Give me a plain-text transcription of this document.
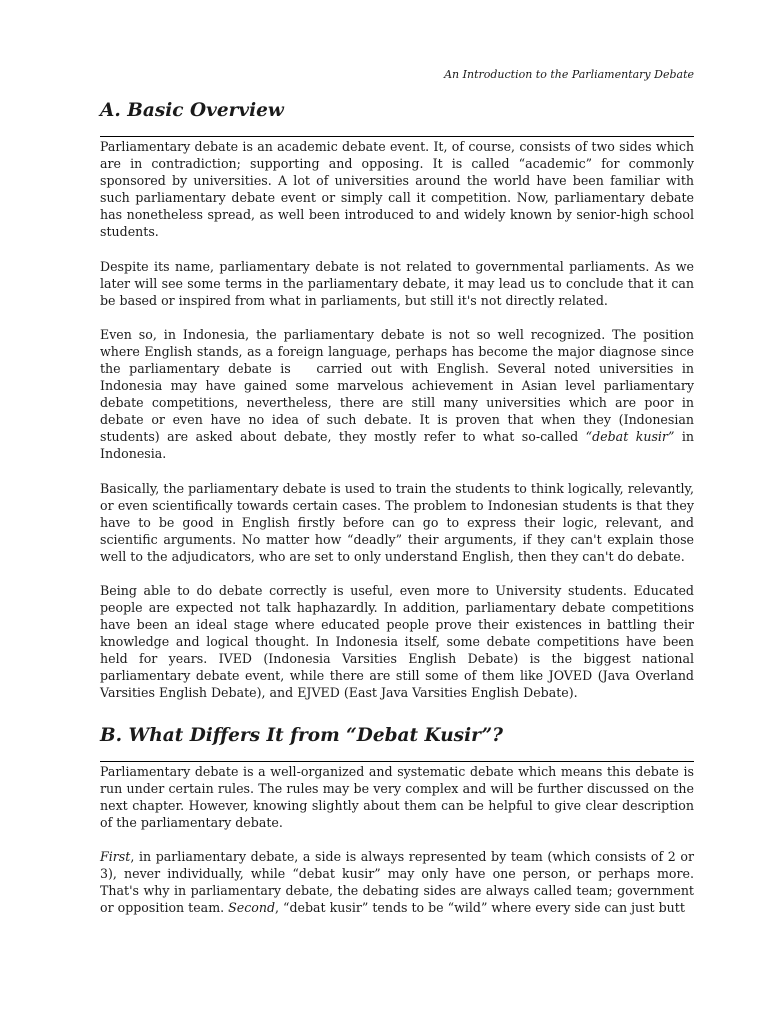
An Introduction to the Parliamentary Debate
A. Basic Overview

Parliamentary debate is an academic debate event. It, of course, consists of two sides which are in contradiction; supporting and opposing. It is called “academic” for commonly sponsored by universities. A lot of universities around the world have been familiar with such parliamentary debate event or simply call it competition. Now, parliamentary debate has nonetheless spread, as well been introduced to and widely known by senior-high school students.

Despite its name, parliamentary debate is not related to governmental parliaments. As we later will see some terms in the parliamentary debate, it may lead us to conclude that it can be based or inspired from what in parliaments, but still it's not directly related.

Even so, in Indonesia, the parliamentary debate is not so well recognized. The position where English stands, as a foreign language, perhaps has become the major diagnose since the parliamentary debate is   carried out with English. Several noted universities in Indonesia may have gained some marvelous achievement in Asian level parliamentary debate competitions, nevertheless, there are still many universities which are poor in debate or even have no idea of such debate. It is proven that when they (Indonesian students) are asked about debate, they mostly refer to what so-called “debat kusir” in Indonesia.

Basically, the parliamentary debate is used to train the students to think logically, relevantly, or even scientifically towards certain cases. The problem to Indonesian students is that they have to be good in English firstly before can go to express their logic, relevant, and scientific arguments. No matter how “deadly” their arguments, if they can't explain those well to the adjudicators, who are set to only understand English, then they can't do debate.

Being able to do debate correctly is useful, even more to University students. Educated people are expected not talk haphazardly. In addition, parliamentary debate competitions have been an ideal stage where educated people prove their existences in battling their knowledge and logical thought. In Indonesia itself, some debate competitions have been held for years. IVED (Indonesia Varsities English Debate) is the biggest national parliamentary debate event, while there are still some of them like JOVED (Java Overland Varsities English Debate), and EJVED (East Java Varsities English Debate).

B. What Differs It from “Debat Kusir”?

Parliamentary debate is a well-organized and systematic debate which means this debate is run under certain rules. The rules may be very complex and will be further discussed on the next chapter. However, knowing slightly about them can be helpful to give clear description of the parliamentary debate.

First, in parliamentary debate, a side is always represented by team (which consists of 2 or 3), never individually, while “debat kusir” may only have one person, or perhaps more. That's why in parliamentary debate, the debating sides are always called team; government or opposition team. Second, “debat kusir” tends to be “wild” where every side can just butt
